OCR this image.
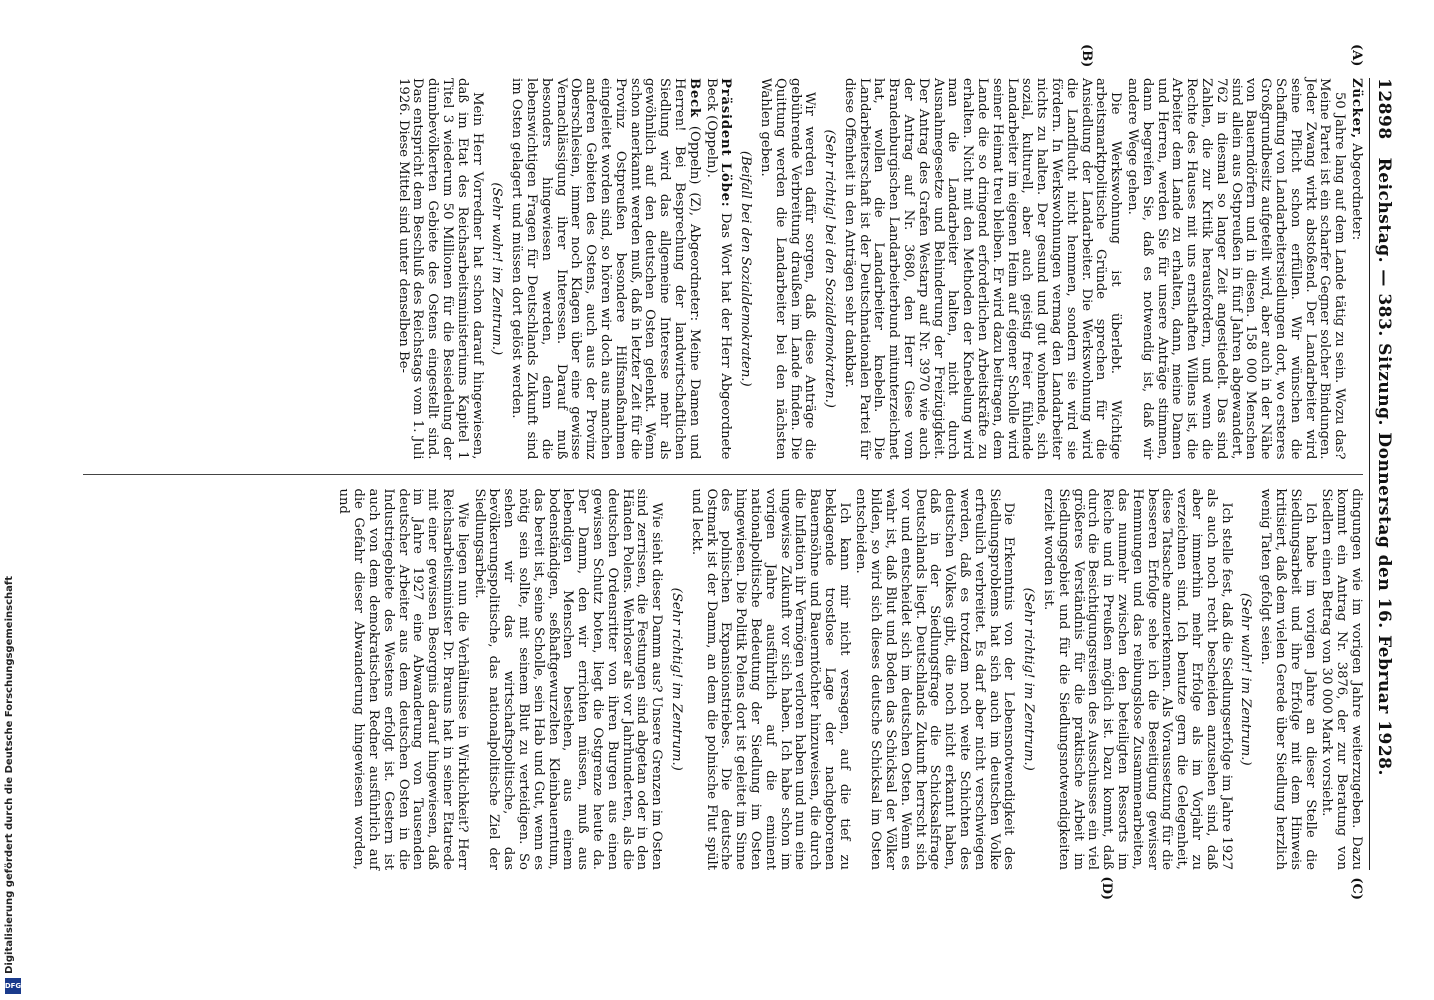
12898
Reichstag. — 383. Sitzung. Donnerstag den 16. Februar 1928.
(A)
(B)

Zücker, Abgeordneter:

50 Jahre lang auf dem Lande tätig zu sein. Wozu das? Meine Partei ist ein scharfer Gegner solcher Bindungen. Jeder Zwang wirkt abstoßend. Der Landarbeiter wird seine Pflicht schon erfüllen. Wir wünschen die Schaffung von Landarbeitersiedlungen dort, wo ersteres Großgrundbesitz aufgeteilt wird, aber auch in der Nähe von Bauerndörfern und in diesen. 158 000 Menschen sind allein aus Ostpreußen in fünf Jahren abgewandert, 762 in diesmal so langer Zeit angestiedelt. Das sind Zahlen, die zur Kritik herausfordern, und wenn die Rechte des Hauses mit uns ernsthaften Willens ist, die Arbeiter dem Lande zu erhalten, dann, meine Damen und Herren, werden Sie für unsere Anträge stimmen, dann begreifen Sie, daß es notwendig ist, daß wir andere Wege gehen.

Die Werkswohnung ist überlebt. Wichtige arbeitsmarktpolitische Gründe sprechen für die Ansiedlung der Landarbeiter. Die Werkswohnung wird die Landflucht nicht hemmen, sondern sie wird sie fördern. In Werkswohnungen vermag den Landarbeiter nichts zu halten. Der gesund und gut wohnende, sich sozial, kulturell, aber auch geistig freier fühlende Landarbeiter im eigenen Heim auf eigener Scholle wird seiner Heimat treu bleiben. Er wird dazu beitragen, dem Lande die so dringend erforderlichen Arbeitskräfte zu erhalten. Nicht mit den Methoden der Knebelung wird man die Landarbeiter halten, nicht durch Ausnahmegesetze und Behinderung der Freizügigkeit. Der Antrag des Grafen Westarp auf Nr. 3970 wie auch der Antrag auf Nr. 3680, den Herr Giese vom Brandenburgischen Landarbeiterbund mitunterzeichnet hat, wollen die Landarbeiter knebeln. Die Landarbeiterschaft ist der Deutschnationalen Partei für diese Offenheit in den Anträgen sehr dankbar.

(Sehr richtig! bei den Sozialdemokraten.)

Wir werden dafür sorgen, daß diese Anträge die gebührende Verbreitung draußen im Lande finden. Die Quittung werden die Landarbeiter bei den nächsten Wahlen geben.

(Beifall bei den Sozialdemokraten.)

Präsident Löbe: Das Wort hat der Herr Abgeordnete Beck (Oppeln).

Beck (Oppeln) (Z), Abgeordneter: Meine Damen und Herren! Bei Besprechung der landwirtschaftlichen Siedlung wird das allgemeine Interesse mehr als gewöhnlich auf den deutschen Osten gelenkt. Wenn schon anerkannt werden muß, daß in letzter Zeit für die Provinz Ostpreußen besondere Hilfsmaßnahmen eingeleitet worden sind, so hören wir doch aus manchen anderen Gebieten des Ostens, auch aus der Provinz Oberschlesien, immer noch Klagen über eine gewisse Vernachlässigung ihrer Interessen. Darauf muß besonders hingewiesen werden, denn die lebenswichtigen Fragen für Deutschlands Zukunft sind im Osten gelagert und müssen dort gelöst werden.

(Sehr wahr! im Zentrum.)

Mein Herr Vorredner hat schon darauf hingewiesen, daß im Etat des Reichsarbeitsministeriums Kapitel 1 Titel 3 wiederum 50 Millionen für die Besiedelung der dünnbevölkerten Gebiete des Ostens eingestellt sind. Das entspricht dem Beschluß des Reichstags vom 1. Juli 1926. Diese Mittel sind unter denselben Be-

(C)
(D)

dingungen wie im vorigen Jahre weiterzugeben. Dazu kommt ein Antrag Nr. 3876, der zur Beratung von Siedlern einen Betrag von 30 000 Mark vorsieht.

Ich habe im vorigen Jahre an dieser Stelle die Siedlungsarbeit und ihre Erfolge mit dem Hinweis kritisiert, daß dem vielen Gerede über Siedlung herzlich wenig Taten gefolgt seien.

(Sehr wahr! im Zentrum.)

Ich stelle fest, daß die Siedlungserfolge im Jahre 1927 als auch noch recht bescheiden anzusehen sind, daß aber immerhin mehr Erfolge als im Vorjahr zu verzeichnen sind. Ich benutze gern die Gelegenheit, diese Tatsache anzuerkennen. Als Voraussetzung für die besseren Erfolge sehe ich die Beseitigung gewisser Hemmungen und das reibungslose Zusammenarbeiten, das nunmehr zwischen den beteiligten Ressorts im Reiche und in Preußen möglich ist. Dazu kommt, daß durch die Besichtigungsreisen des Ausschusses ein viel größeres Verständnis für die praktische Arbeit im Siedlungsgebiet und für die Siedlungsnotwendigkeiten erzielt worden ist.

(Sehr richtig! im Zentrum.)

Die Erkenntnis von der Lebensnotwendigkeit des Siedlungsproblems hat sich auch im deutschen Volke erfreulich verbreitet. Es darf aber nicht verschwiegen werden, daß es trotzdem noch weite Schichten des deutschen Volkes gibt, die noch nicht erkannt haben, daß in der Siedlungsfrage die Schicksalsfrage Deutschlands liegt. Deutschlands Zukunft herrscht sich vor und entscheidet sich im deutschen Osten. Wenn es wahr ist, daß Blut und Boden das Schicksal der Völker bilden, so wird sich dieses deutsche Schicksal im Osten entscheiden.

Ich kann mir nicht versagen, auf die tief zu beklagende trostlose Lage der nachgeborenen Bauernsöhne und Bauerntöchter hinzuweisen, die durch die Inflation ihr Vermögen verloren haben und nun eine ungewisse Zukunft vor sich haben. Ich habe schon im vorigen Jahre ausführlich auf die eminent nationalpolitische Bedeutung der Siedlung im Osten hingewiesen. Die Politik Polens dort ist geleitet im Sinne des polnischen Expansionstriebes. Die deutsche Ostmark ist der Damm, an dem die polnische Flut spült und leckt.

(Sehr richtig! im Zentrum.)

Wie sieht dieser Damm aus? Unsere Grenzen im Osten sind zerrissen, die Festungen sind abgetan oder in den Händen Polens. Wehrloser als vor Jahrhunderten, als die deutschen Ordensritter von ihren Burgen aus einen gewissen Schutz boten, liegt die Ostgrenze heute da. Der Damm, den wir errichten müssen, muß aus lebendigen Menschen bestehen, aus einem bodenständigen, seßhaftgewurzelten Kleinbauerntum, das bereit ist, seine Scholle, sein Hab und Gut, wenn es nötig sein sollte, mit seinem Blut zu verteidigen. So sehen wir das wirtschaftspolitische, das bevölkerungspolitische, das nationalpolitische Ziel der Siedlungsarbeit.

Wie liegen nun die Verhältnisse in Wirklichkeit? Herr Reichsarbeitsminister Dr. Brauns hat in seiner Etatrede mit einer gewissen Besorgnis darauf hingewiesen, daß im Jahre 1927 eine Abwanderung von Tausenden deutscher Arbeiter aus dem deutschen Osten in die Industriegebiete des Westens erfolgt ist. Gestern ist auch von dem demokratischen Redner ausführlich auf die Gefahr dieser Abwanderung hingewiesen worden, und

Digitalisierung gefördert durch die Deutsche Forschungsgemeinschaft
DFG
